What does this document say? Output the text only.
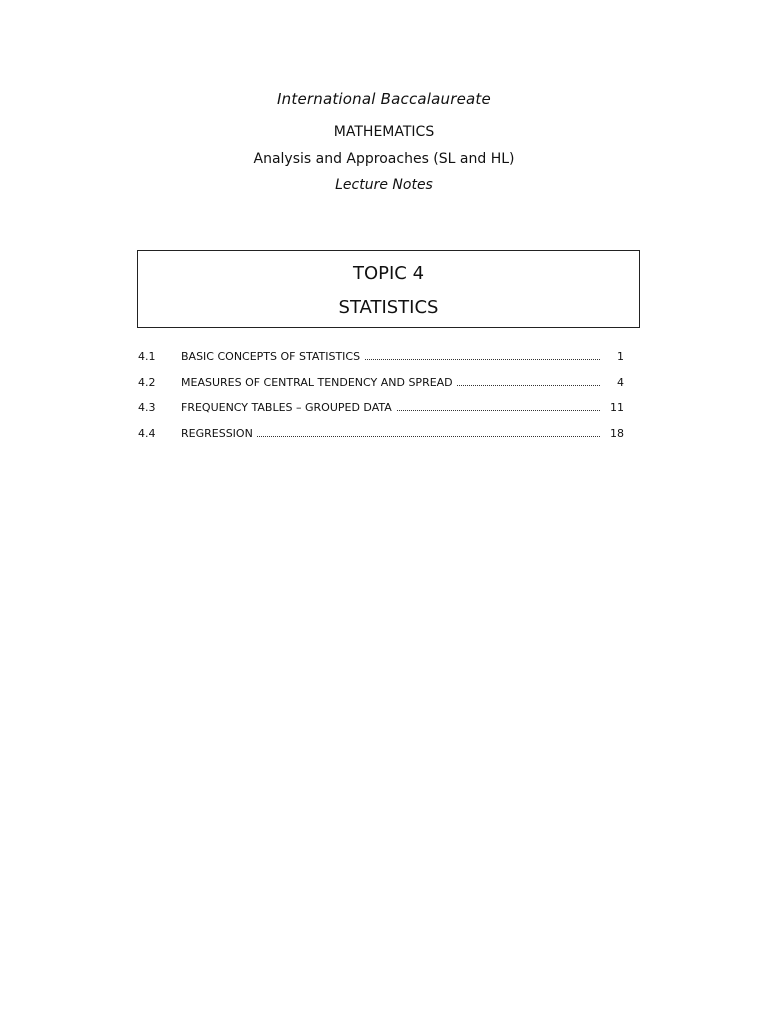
International Baccalaureate
MATHEMATICS
Analysis and Approaches (SL and HL)
Lecture Notes
TOPIC 4
STATISTICS
4.1	BASIC CONCEPTS OF STATISTICS	1
4.2	MEASURES OF CENTRAL TENDENCY AND SPREAD	4
4.3	FREQUENCY TABLES – GROUPED DATA	11
4.4	REGRESSION	18
